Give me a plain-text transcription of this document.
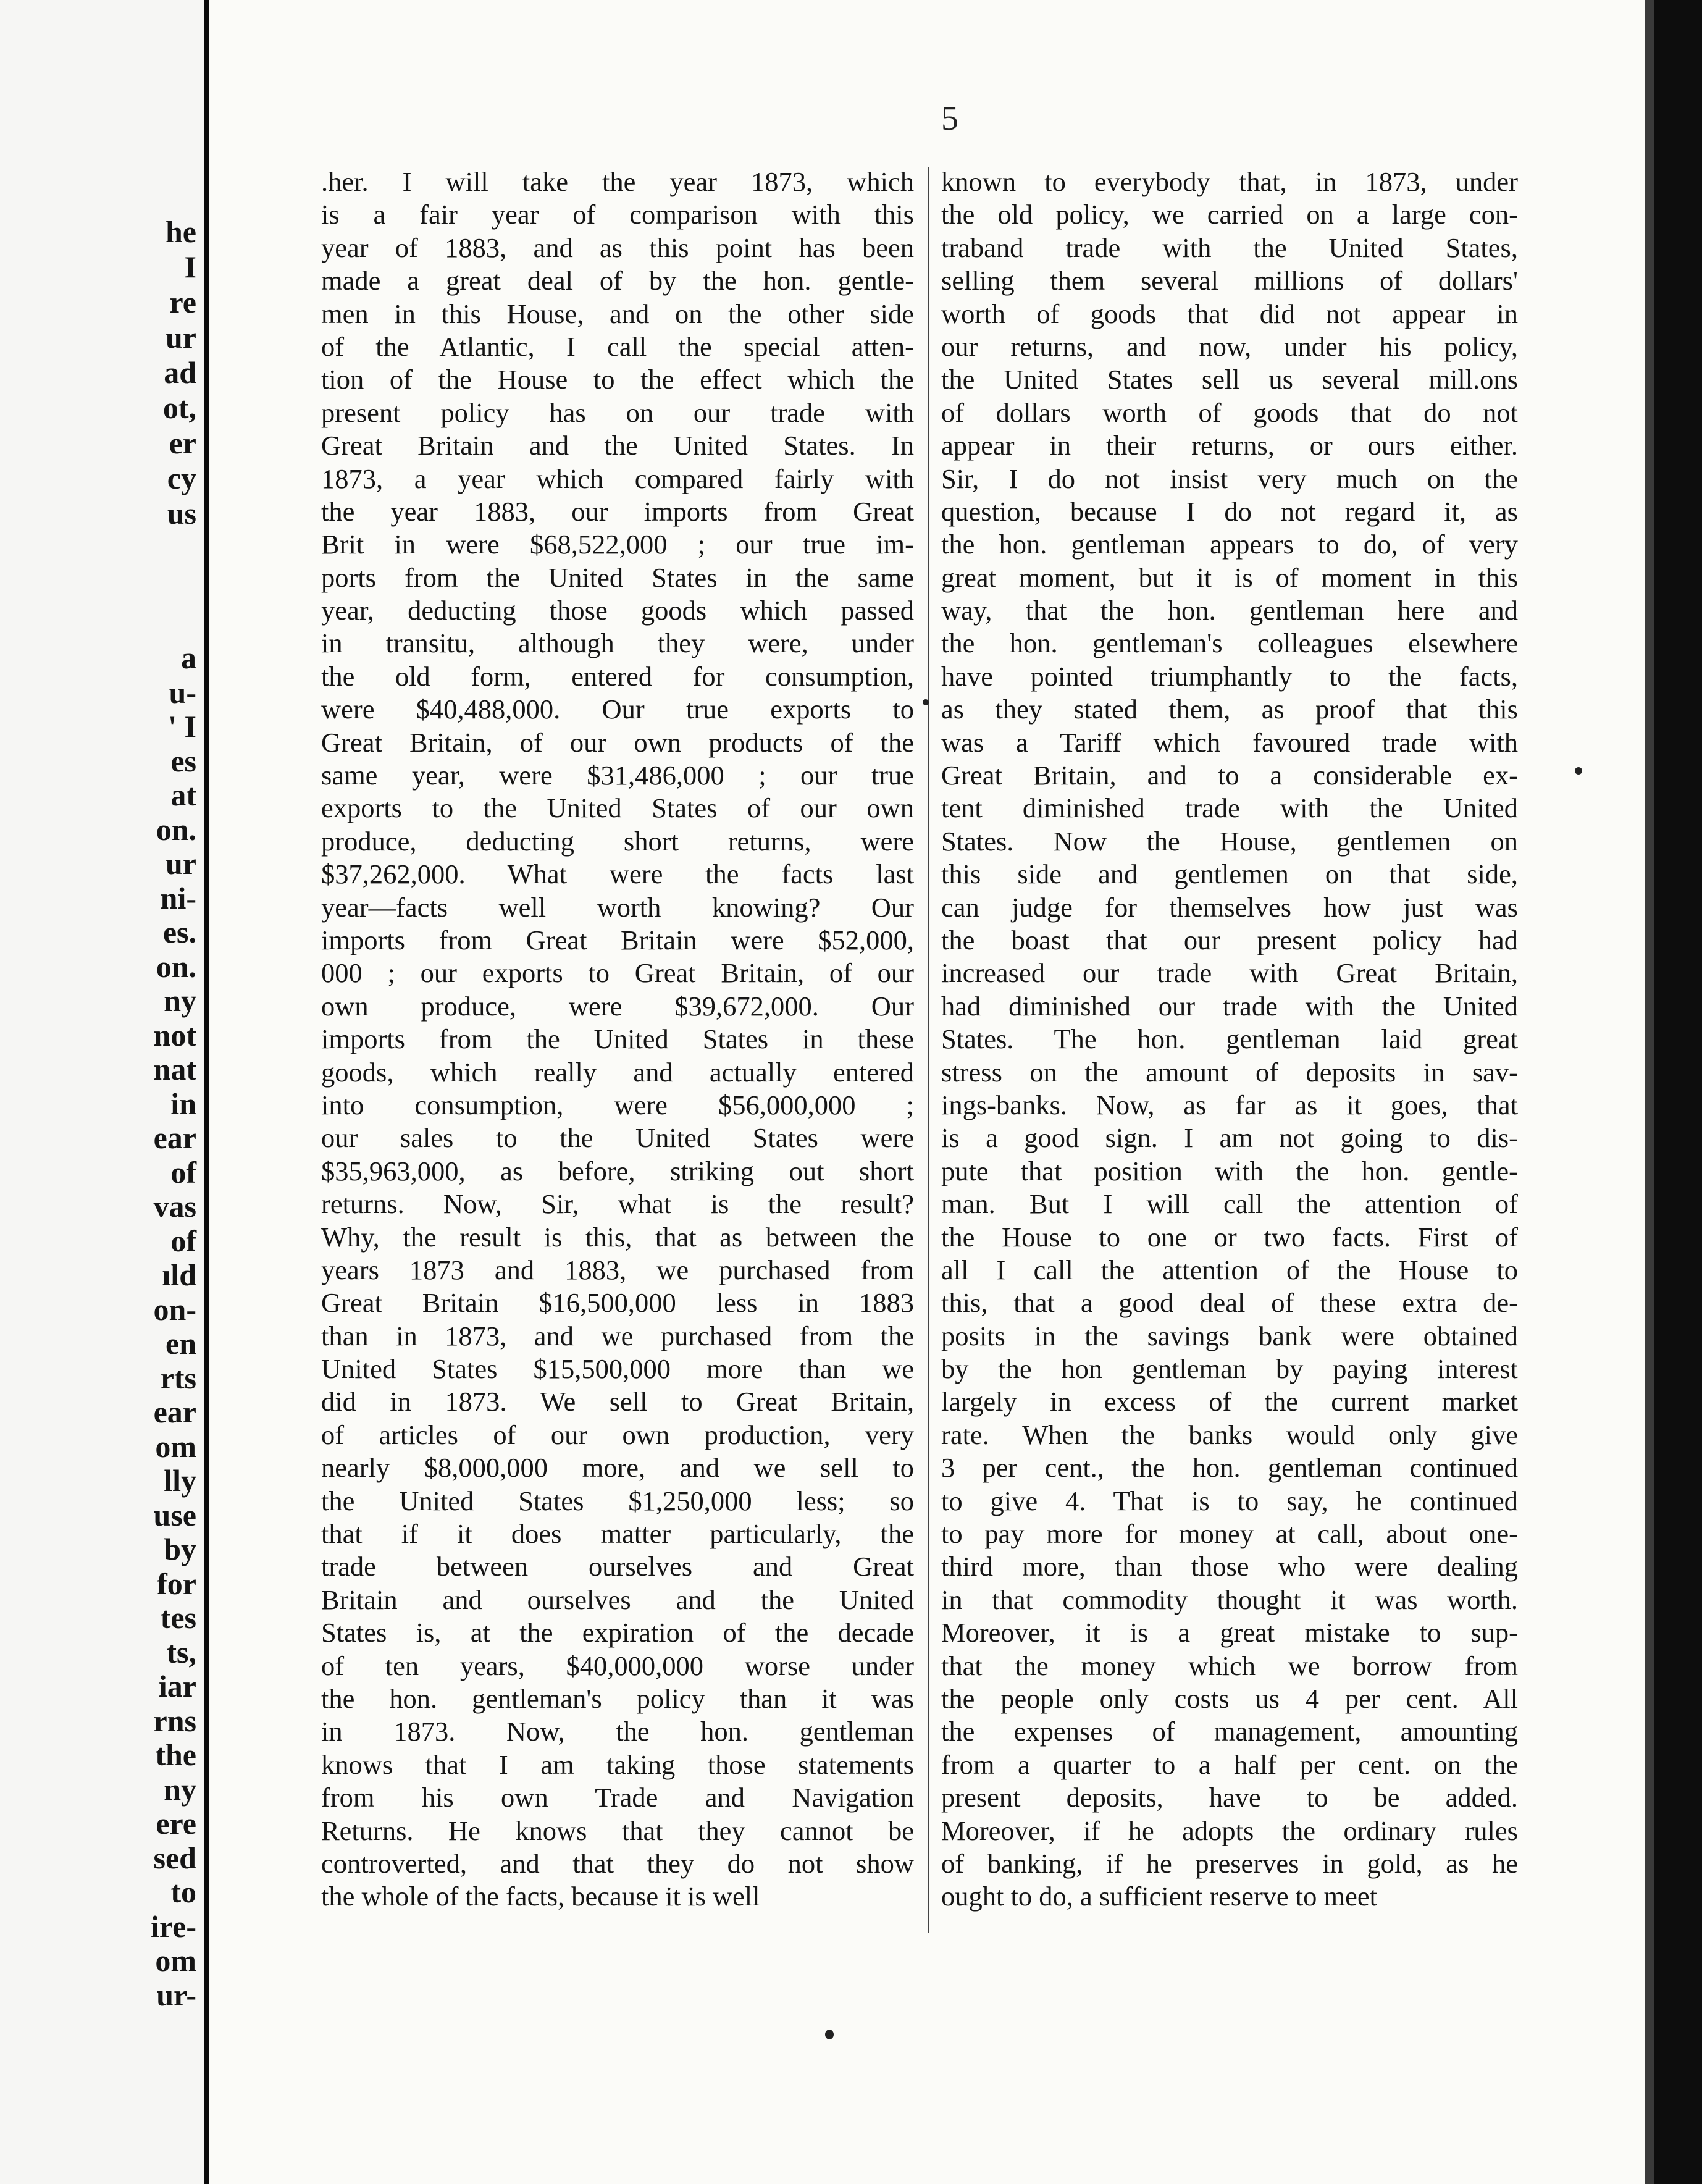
he
I
re
ur
ad
ot,
er
cy
us
a
u-
' I
es
at
on.
ur
ni-
es.
on.
ny
not
nat
in
ear
of
vas
of
ıld
on-
en
rts
ear
om
lly
use
by
for
tes
ts,
iar
rns
the
ny
ere
sed
to
ire-
om
ur-
5
.her. I will take the year 1873, which
is a fair year of comparison with this
year of 1883, and as this point has been
made a great deal of by the hon. gentle-
men in this House, and on the other side
of the Atlantic, I call the special atten-
tion of the House to the effect which the
present policy has on our trade with
Great Britain and the United States. In
1873, a year which compared fairly with
the year 1883, our imports from Great
Brit in were $68,522,000 ; our true im-
ports from the United States in the same
year, deducting those goods which passed
in transitu, although they were, under
the old form, entered for consumption,
were $40,488,000. Our true exports to
Great Britain, of our own products of the
same year, were $31,486,000 ; our true
exports to the United States of our own
produce, deducting short returns, were
$37,262,000. What were the facts last
year—facts well worth knowing? Our
imports from Great Britain were $52,000,
000 ; our exports to Great Britain, of our
own produce, were $39,672,000. Our
imports from the United States in these
goods, which really and actually entered
into consumption, were $56,000,000 ;
our sales to the United States were
$35,963,000, as before, striking out short
returns. Now, Sir, what is the result?
Why, the result is this, that as between the
years 1873 and 1883, we purchased from
Great Britain $16,500,000 less in 1883
than in 1873, and we purchased from the
United States $15,500,000 more than we
did in 1873. We sell to Great Britain,
of articles of our own production, very
nearly $8,000,000 more, and we sell to
the United States $1,250,000 less; so
that if it does matter particularly, the
trade between ourselves and Great
Britain and ourselves and the United
States is, at the expiration of the decade
of ten years, $40,000,000 worse under
the hon. gentleman's policy than it was
in 1873. Now, the hon. gentleman
knows that I am taking those statements
from his own Trade and Navigation
Returns. He knows that they cannot be
controverted, and that they do not show
the whole of the facts, because it is well
known to everybody that, in 1873, under
the old policy, we carried on a large con-
traband trade with the United States,
selling them several millions of dollars'
worth of goods that did not appear in
our returns, and now, under his policy,
the United States sell us several mill.ons
of dollars worth of goods that do not
appear in their returns, or ours either.
Sir, I do not insist very much on the
question, because I do not regard it, as
the hon. gentleman appears to do, of very
great moment, but it is of moment in this
way, that the hon. gentleman here and
the hon. gentleman's colleagues elsewhere
have pointed triumphantly to the facts,
as they stated them, as proof that this
was a Tariff which favoured trade with
Great Britain, and to a considerable ex-
tent diminished trade with the United
States. Now the House, gentlemen on
this side and gentlemen on that side,
can judge for themselves how just was
the boast that our present policy had
increased our trade with Great Britain,
had diminished our trade with the United
States. The hon. gentleman laid great
stress on the amount of deposits in sav-
ings-banks. Now, as far as it goes, that
is a good sign. I am not going to dis-
pute that position with the hon. gentle-
man. But I will call the attention of
the House to one or two facts. First of
all I call the attention of the House to
this, that a good deal of these extra de-
posits in the savings bank were obtained
by the hon gentleman by paying interest
largely in excess of the current market
rate. When the banks would only give
3 per cent., the hon. gentleman continued
to give 4. That is to say, he continued
to pay more for money at call, about one-
third more, than those who were dealing
in that commodity thought it was worth.
Moreover, it is a great mistake to sup-
that the money which we borrow from
the people only costs us 4 per cent. All
the expenses of management, amounting
from a quarter to a half per cent. on the
present deposits, have to be added.
Moreover, if he adopts the ordinary rules
of banking, if he preserves in gold, as he
ought to do, a sufficient reserve to meet
